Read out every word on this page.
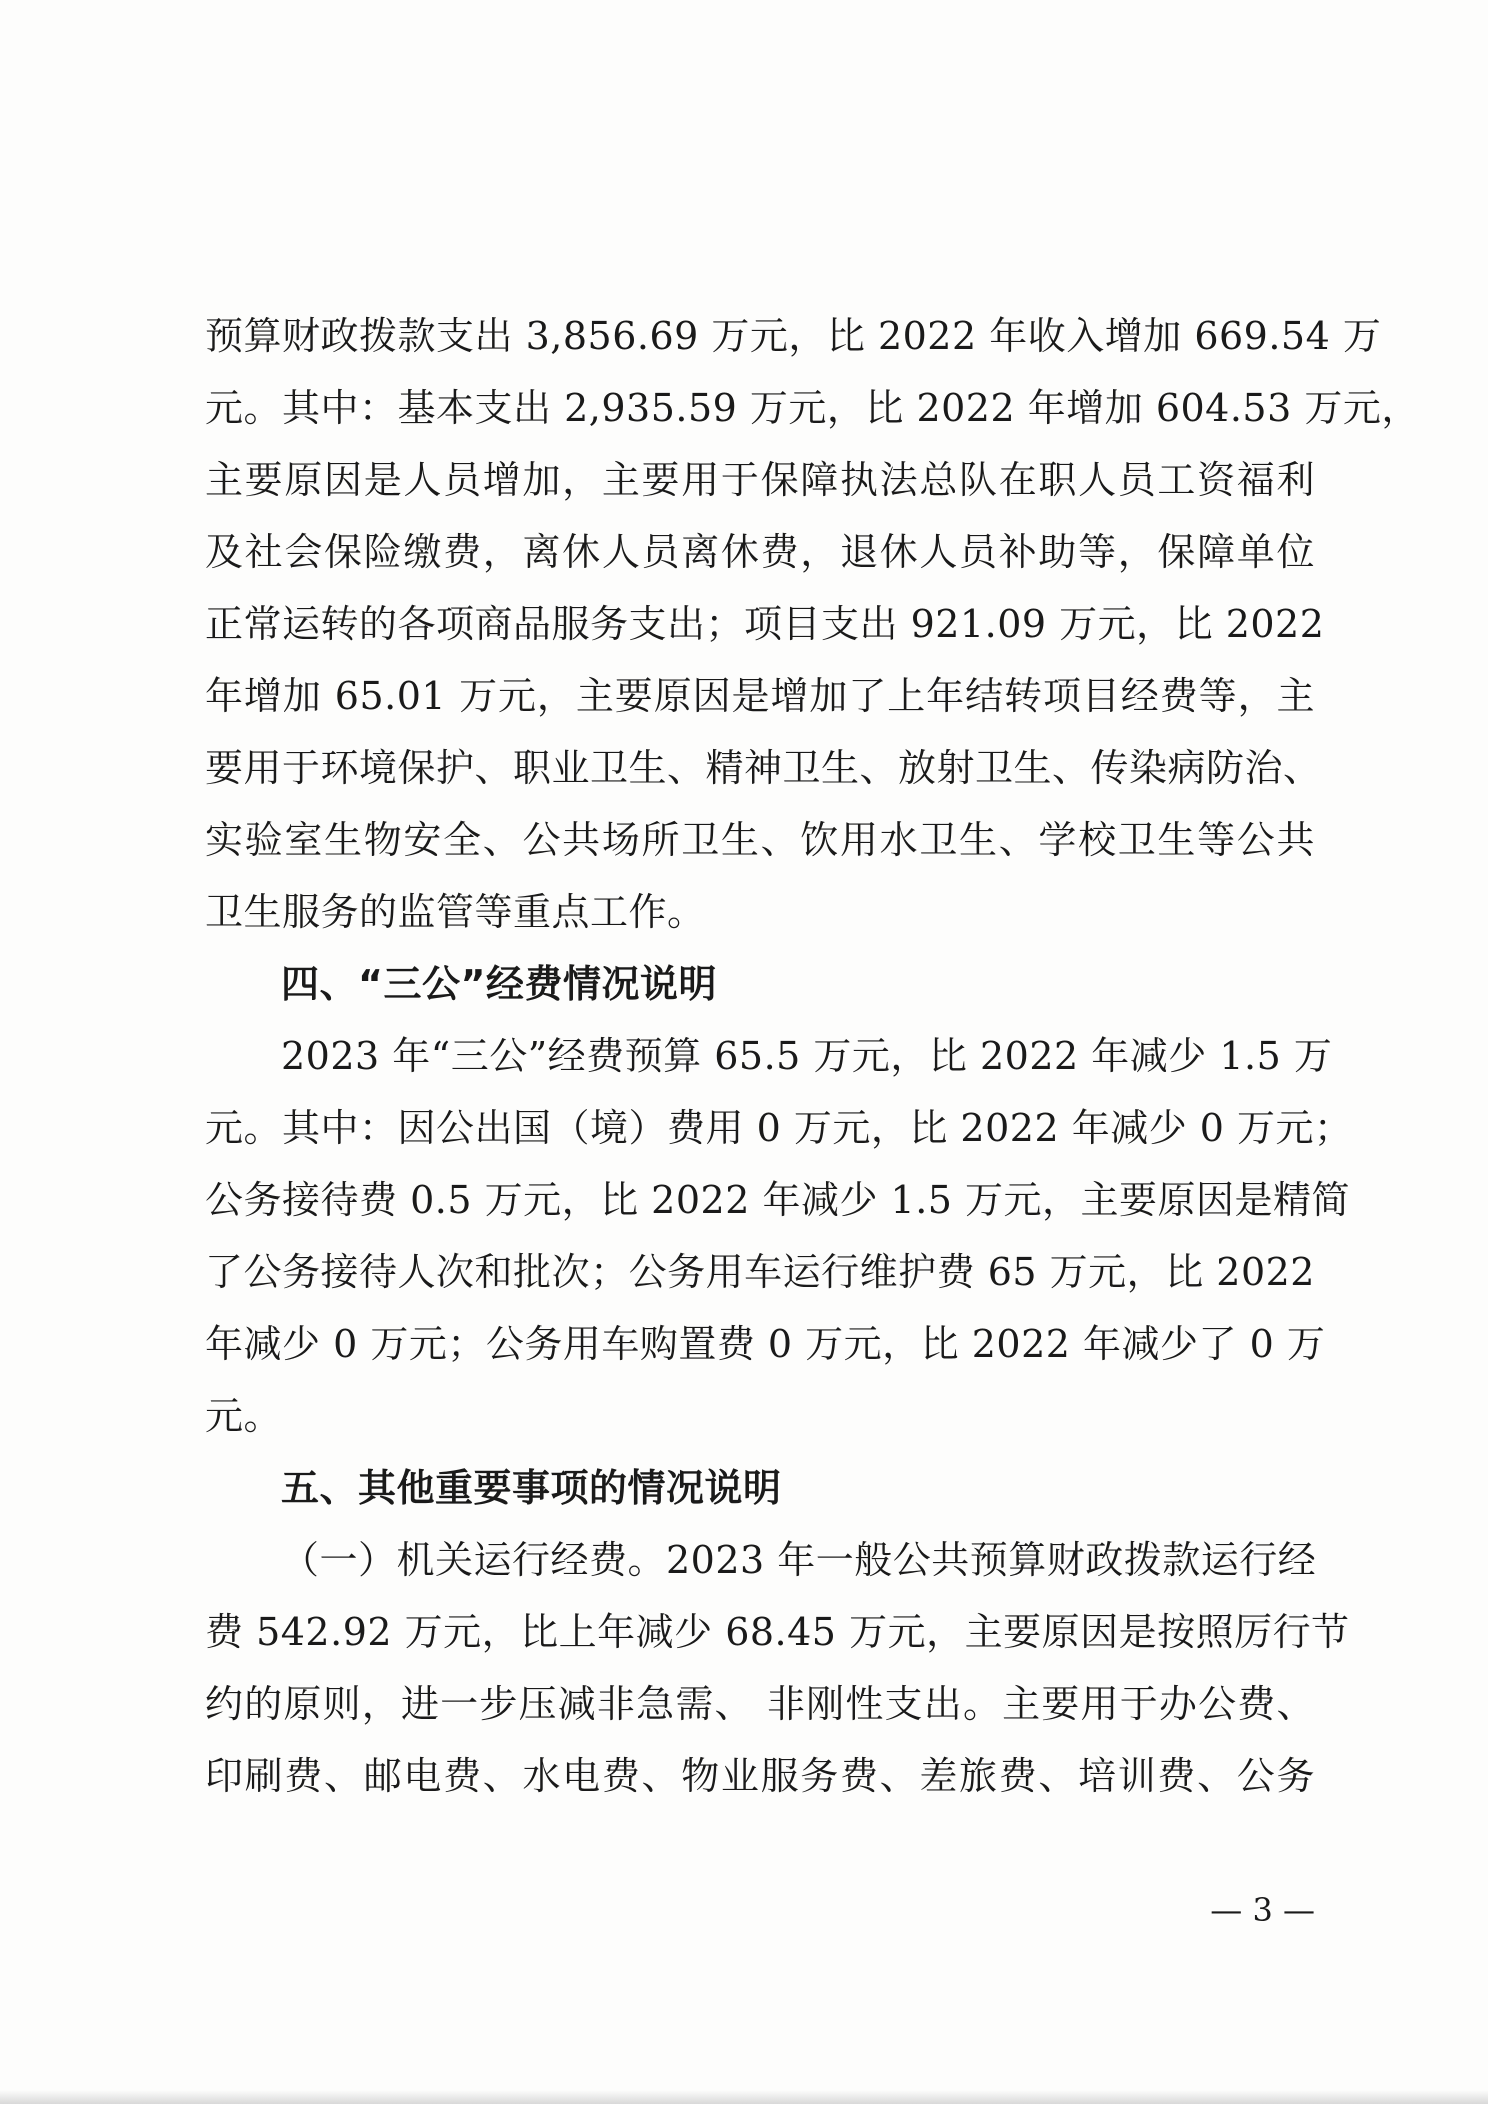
预算财政拨款支出 3,856.69 万元，比 2022 年收入增加 669.54 万
元。其中：基本支出 2,935.59 万元，比 2022 年增加 604.53 万元，
主要原因是人员增加，主要用于保障执法总队在职人员工资福利
及社会保险缴费，离休人员离休费，退休人员补助等，保障单位
正常运转的各项商品服务支出；项目支出 921.09 万元，比 2022
年增加 65.01 万元，主要原因是增加了上年结转项目经费等，主
要用于环境保护、职业卫生、精神卫生、放射卫生、传染病防治、
实验室生物安全、公共场所卫生、饮用水卫生、学校卫生等公共
卫生服务的监管等重点工作。
四、“三公”经费情况说明
2023 年“三公”经费预算 65.5 万元，比 2022 年减少 1.5 万
元。其中：因公出国（境）费用 0 万元，比 2022 年减少 0 万元；
公务接待费 0.5 万元，比 2022 年减少 1.5 万元，主要原因是精简
了公务接待人次和批次；公务用车运行维护费 65 万元，比 2022
年减少 0 万元；公务用车购置费 0 万元，比 2022 年减少了 0 万
元。
五、其他重要事项的情况说明
（一）机关运行经费。2023 年一般公共预算财政拨款运行经
费 542.92 万元，比上年减少 68.45 万元，主要原因是按照厉行节
约的原则，进一步压减非急需、 非刚性支出。主要用于办公费、
印刷费、邮电费、水电费、物业服务费、差旅费、培训费、公务
— 3 —
